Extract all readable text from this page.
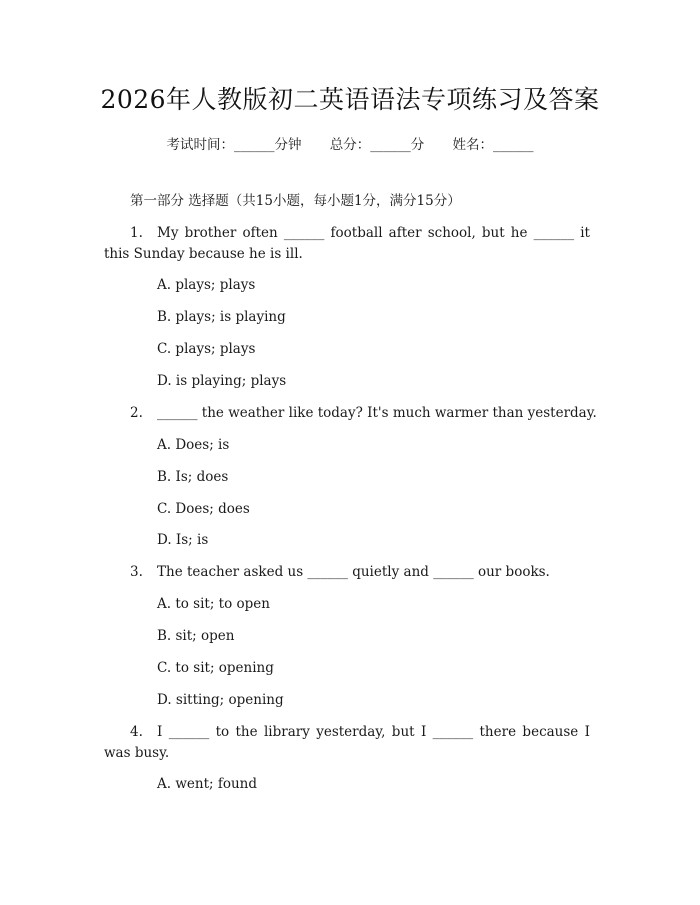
2026年人教版初二英语语法专项练习及答案
考试时间：______分钟 总分：______分 姓名：______
第一部分 选择题（共15小题，每小题1分，满分15分）
1. My brother often ______ football after school, but he ______ it
this Sunday because he is ill.
A. plays; plays
B. plays; is playing
C. plays; plays
D. is playing; plays
2. ______ the weather like today? It's much warmer than yesterday.
A. Does; is
B. Is; does
C. Does; does
D. Is; is
3. The teacher asked us ______ quietly and ______ our books.
A. to sit; to open
B. sit; open
C. to sit; opening
D. sitting; opening
4. I ______ to the library yesterday, but I ______ there because I
was busy.
A. went; found
